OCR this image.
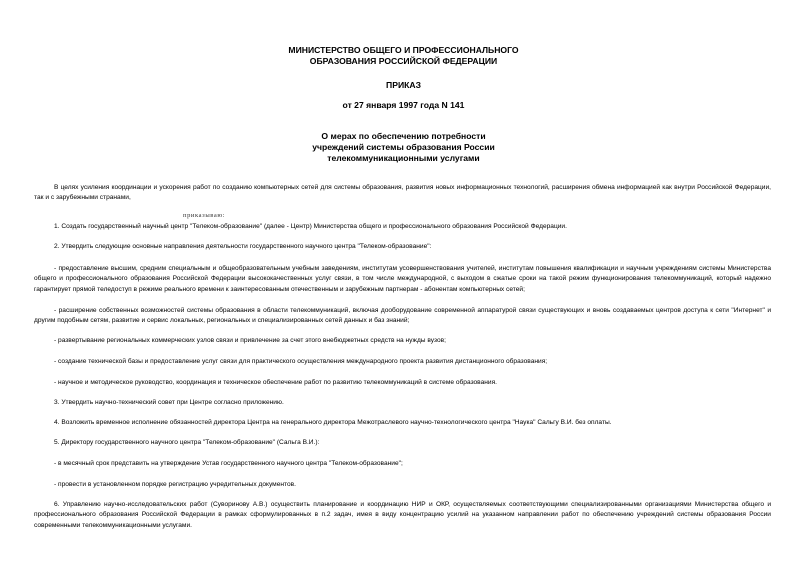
МИНИСТЕРСТВО ОБЩЕГО И ПРОФЕССИОНАЛЬНОГО
ОБРАЗОВАНИЯ РОССИЙСКОЙ ФЕДЕРАЦИИ
ПРИКАЗ
от 27 января 1997 года N 141
О мерах по обеспечению потребности
учреждений системы образования России
телекоммуникационными услугами
В целях усиления координации и ускорения работ по созданию компьютерных сетей для системы образования, развития новых информационных технологий, расширения обмена информацией как внутри Российской Федерации, так и с зарубежными странами,
приказываю:
1. Создать государственный научный центр "Телеком-образование" (далее - Центр) Министерства общего и профессионального образования Российской Федерации.
2. Утвердить следующие основные направления деятельности государственного научного центра "Телеком-образование":
- предоставление высшим, средним специальным и общеобразовательным учебным заведениям, институтам усовершенствования учителей, институтам повышения квалификации и научным учреждениям системы Министерства общего и профессионального образования Российской Федерации высококачественных услуг связи, в том числе международной, с выходом в сжатые сроки на такой режим функционирования телекоммуникаций, который надежно гарантирует прямой теледоступ в режиме реального времени к заинтересованным отечественным и зарубежным партнерам - абонентам компьютерных сетей;
- расширение собственных возможностей системы образования в области телекоммуникаций, включая дооборудование современной аппаратурой связи существующих и вновь создаваемых центров доступа к сети "Интернет" и другим подобным сетям, развитие и сервис локальных, региональных и специализированных сетей данных и баз знаний;
- развертывание региональных коммерческих узлов связи и привлечение за счет этого внебюджетных средств на нужды вузов;
- создание технической базы и предоставление услуг связи для практического осуществления международного проекта развития дистанционного образования;
- научное и методическое руководство, координация и техническое обеспечение работ по развитию телекоммуникаций в системе образования.
3. Утвердить научно-технический совет при Центре согласно приложению.
4. Возложить временное исполнение обязанностей директора Центра на генерального директора Межотраслевого научно-технологического центра "Наука" Сальгу В.И. без оплаты.
5. Директору государственного научного центра "Телеком-образование" (Сальга В.И.):
- в месячный срок представить на утверждение Устав государственного научного центра "Телеком-образование";
- провести в установленном порядке регистрацию учредительных документов.
6. Управлению научно-исследовательских работ (Суворинову А.В.) осуществить планирование и координацию НИР и ОКР, осуществляемых соответствующими специализированными организациями Министерства общего и профессионального образования Российской Федерации в рамках сформулированных в п.2 задач, имея в виду концентрацию усилий на указанном направлении работ по обеспечению учреждений системы образования России современными телекоммуникационными услугами.
